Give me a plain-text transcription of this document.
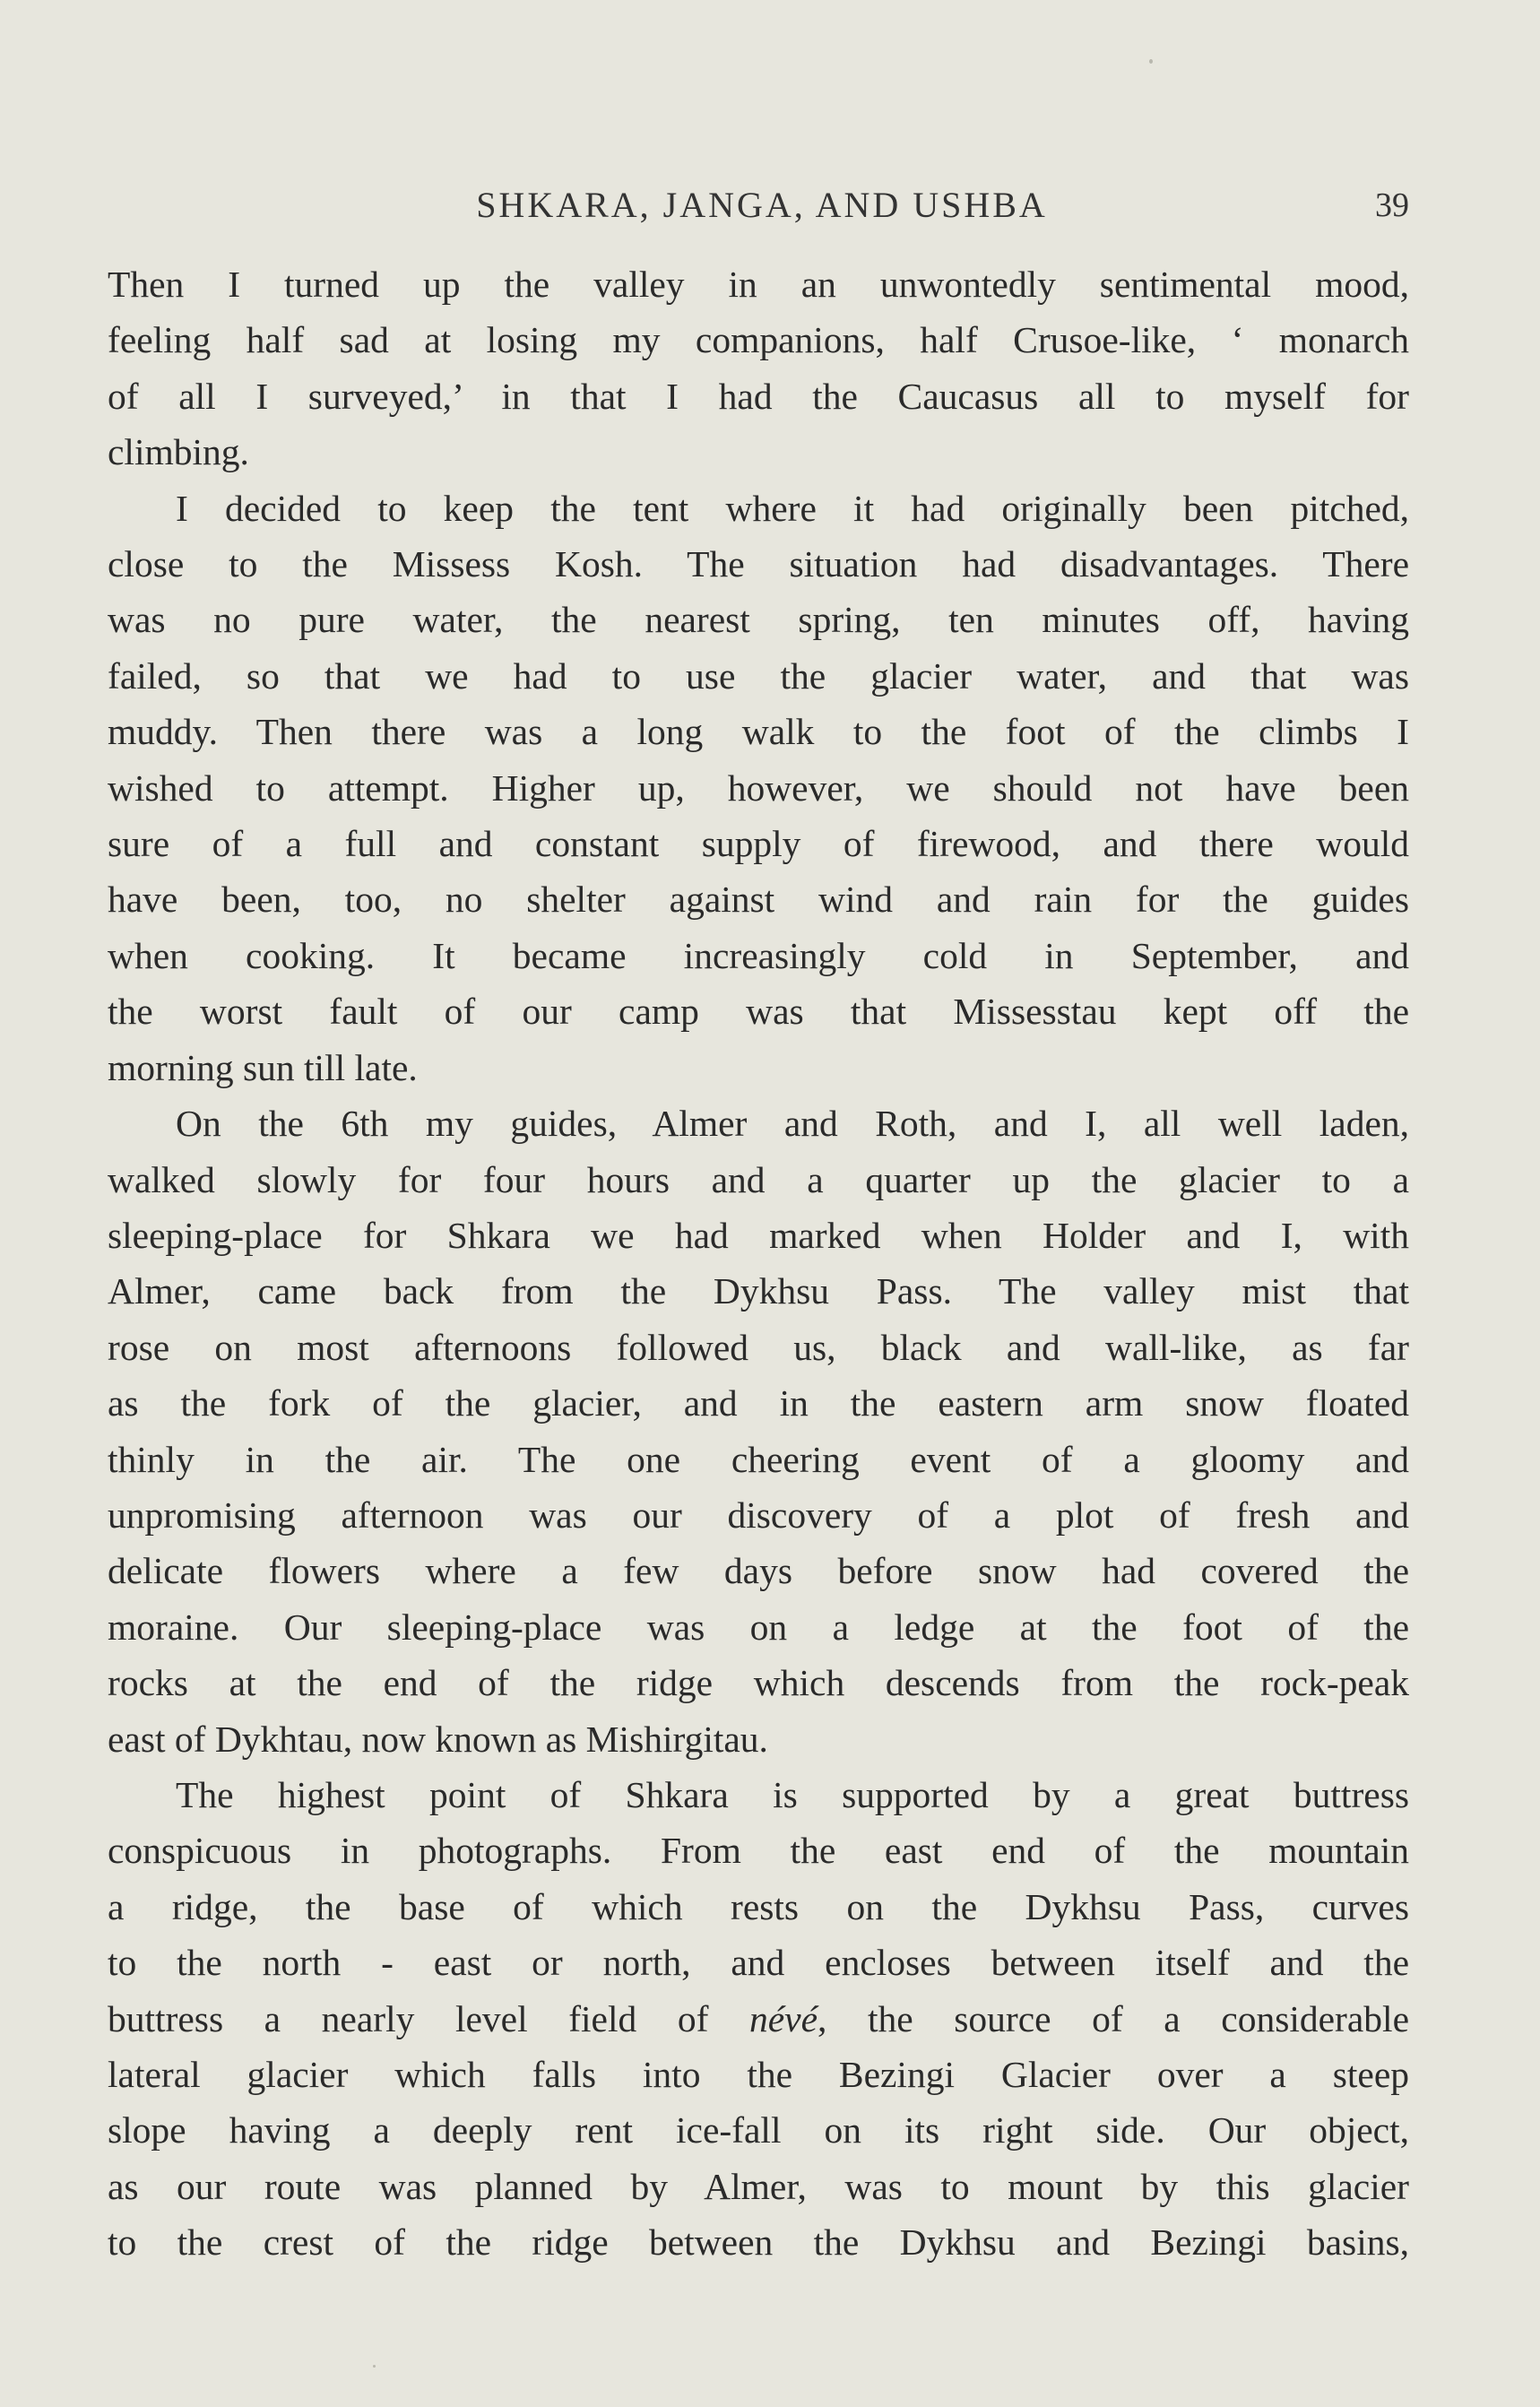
SHKARA, JANGA, AND USHBA	39

Then I turned up the valley in an unwontedly sentimental mood,
feeling half sad at losing my companions, half Crusoe-like, ‘ monarch
of all I surveyed,’ in that I had the Caucasus all to myself for
climbing.

I decided to keep the tent where it had originally been pitched,
close to the Missess Kosh. The situation had disadvantages. There
was no pure water, the nearest spring, ten minutes off, having
failed, so that we had to use the glacier water, and that was
muddy. Then there was a long walk to the foot of the climbs I
wished to attempt. Higher up, however, we should not have been
sure of a full and constant supply of firewood, and there would
have been, too, no shelter against wind and rain for the guides
when cooking. It became increasingly cold in September, and
the worst fault of our camp was that Missesstau kept off the
morning sun till late.

On the 6th my guides, Almer and Roth, and I, all well laden,
walked slowly for four hours and a quarter up the glacier to a
sleeping-place for Shkara we had marked when Holder and I, with
Almer, came back from the Dykhsu Pass. The valley mist that
rose on most afternoons followed us, black and wall-like, as far
as the fork of the glacier, and in the eastern arm snow floated
thinly in the air. The one cheering event of a gloomy and
unpromising afternoon was our discovery of a plot of fresh and
delicate flowers where a few days before snow had covered the
moraine. Our sleeping-place was on a ledge at the foot of the
rocks at the end of the ridge which descends from the rock-peak
east of Dykhtau, now known as Mishirgitau.

The highest point of Shkara is supported by a great buttress
conspicuous in photographs. From the east end of the mountain
a ridge, the base of which rests on the Dykhsu Pass, curves
to the north - east or north, and encloses between itself and the
buttress a nearly level field of névé, the source of a considerable
lateral glacier which falls into the Bezingi Glacier over a steep
slope having a deeply rent ice-fall on its right side. Our object,
as our route was planned by Almer, was to mount by this glacier
to the crest of the ridge between the Dykhsu and Bezingi basins,
